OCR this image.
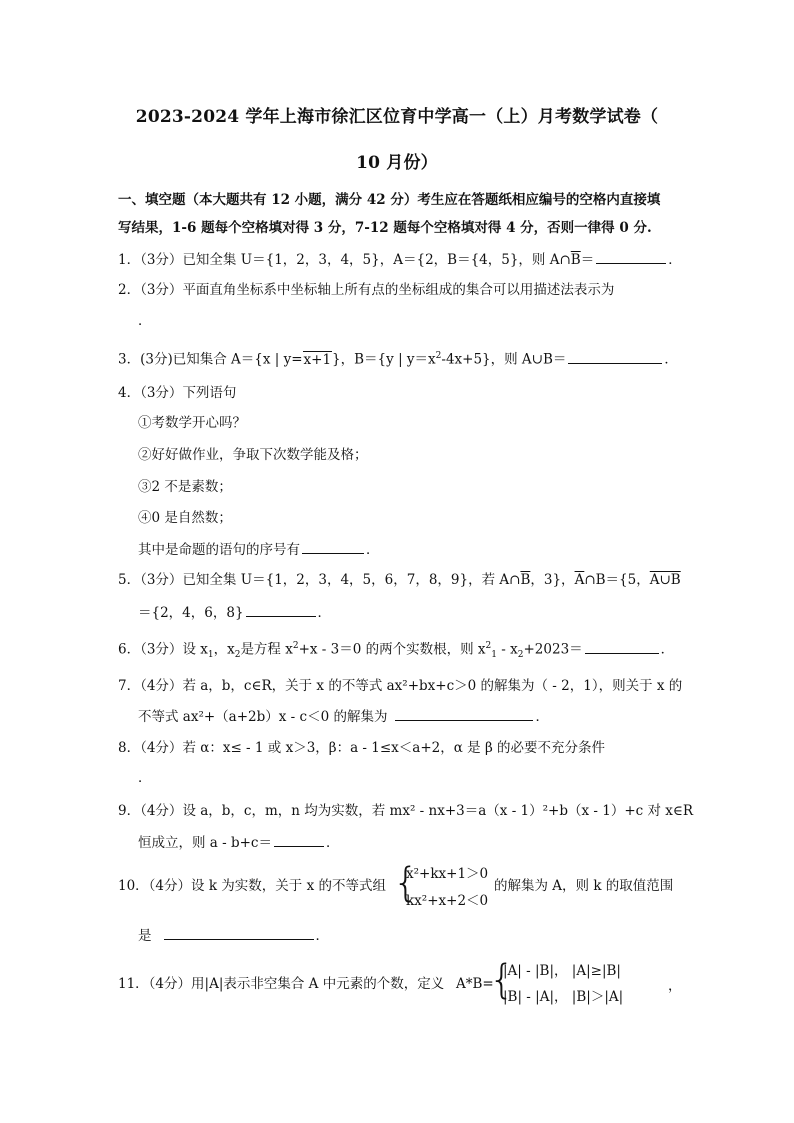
2023-2024 学年上海市徐汇区位育中学高一（上）月考数学试卷（
10 月份）
一、填空题（本大题共有 12 小题，满分 42 分）考生应在答题纸相应编号的空格内直接填
写结果，1-6 题每个空格填对得 3 分，7-12 题每个空格填对得 4 分，否则一律得 0 分.
1．（3分）已知全集 U＝{1，2，3，4，5}，A＝{2，B＝{4，5}，则 $A\cap\overline{B}=$	．
2．（3分）平面直角坐标系中坐标轴上所有点的坐标组成的集合可以用描述法表示为
．
3．(3分)已知集合 A＝{x | y=x+1}，B＝{y | $y=x^2-4x+5$}，则 A∪B＝	．
4．（3分）下列语句
①考数学开心吗？
②好好做作业，争取下次数学能及格；
③2 不是素数；
④0 是自然数；
其中是命题的语句的序号有	．
5．（3分）已知全集 U＝{1，2，3，4，5，6，7，8，9}，若 $A\cap\overline{B}$，3}，$\overline{A}\cap B=\{5$，A∪B
＝{2，4，6，8}	．
6．（3分）设 $x_1$，$x_2$是方程 $x^2+x - 3=0$ 的两个实数根，则 $x^2_1 - x_2+2023=$	．
7．（4分）若 a，b，c∈R，关于 x 的不等式 ax²+bx+c＞0 的解集为（ - 2，1），则关于 x 的
不等式 ax²+（a+2b）x - c＜0 的解集为	．
8．（4分）若 α：x≤ - 1 或 x＞3，β：a - 1≤x＜a+2，α 是 β 的必要不充分条件
．
9．（4分）设 a，b，c，m，n 均为实数，若 mx² - nx+3＝a（x - 1）²+b（x - 1）+c 对 x∈R
恒成立，则 a - b+c＝	．
10．（4分）设 k 为实数，关于 x 的不等式组 {
x²+kx+1＞0
kx²+x+2＜0
的解集为 A，则 k 的取值范围
是	．
11．（4分）用|A|表示非空集合 A 中元素的个数，定义 A*B=
{
|A| - |B|， |A|≥|B|
|B| - |A|， |B|＞|A|
，
